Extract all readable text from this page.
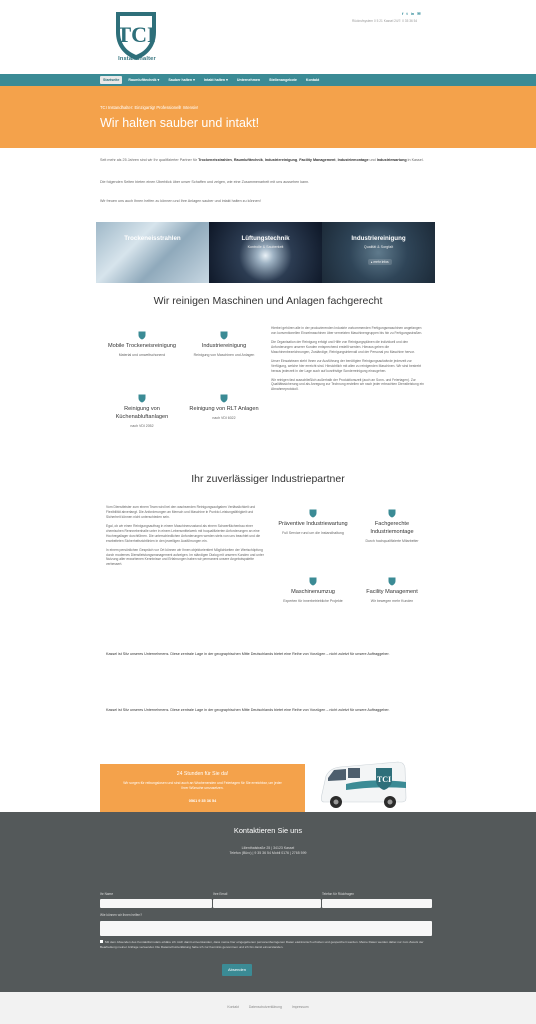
TCI
Instandhalter
f t in ✉
Rückrufsystem 0 5 21 Kassel 24/7: 0 35 36 54
Startseite	Raumlufttechnik ▾	Sauber halten ▾	Intakt halten ▾	Unternehmen	Stellenangebote	Kontakt
TCI Instandhalter: Einzigartig! Professionell! Intensiv!
Wir halten sauber und intakt!
Seit mehr als 25 Jahren sind wir Ihr qualifizierter Partner für Trockeneisstrahlen, Raumlufttechnik, Industriereinigung, Facility Management, Industriemontage und Industriewartung in Kassel.
Die folgenden Seiten bieten einen Überblick über unser Schaffen und zeigen, wie eine Zusammenarbeit mit uns aussehen kann.
Wir freuen uns auch Ihnen helfen zu können und Ihre Anlagen sauber und intakt halten zu können!
Trockeneisstrahlen	Lüftungstechnik
Kontrolle & Sauberkeit
Industriereinigung
Qualität & Sorgfalt
▸ mehr Infos
Wir reinigen Maschinen und Anlagen fachgerecht
Mobile Trockeneisreinigung
Material und umweltschonend
Industriereinigung
Reinigung von Maschinen und Anlagen
Reinigung von Küchenabluftanlagen
nach VDI 2052
Reinigung von RLT Anlagen
nach VDI 6022

Hierbei gehören alle in der produzierenden Industrie vorkommenden Fertigungsmaschinen angefangen von konventionellen Einzelmaschinen über vernetzten Maschinengruppen bis hin zu Fertigungsstraßen.

Die Organisation der Reinigung erfolgt und Hilfe von Reinigungsplänen die individuell und den Anforderungen unserer Kunden entsprechend erstellt werden. Hieraus gehen die Maschinenbezeichnungen, Zuständige, Reinigungsintervall und der Personal pro Maschine hervor.

Unser Einsatzteam steht Ihnen zur Ausführung der benötigten Reinigungsaufwände jederzeit zur Verfügung, welche hier erreicht sind. Hinsichtlich mit allen zu reinigenden Maschinen. Wir sind bestrebt heraus jederzeit in der Lage auch auf kurzfristige Sonderreinigung einzugehen.

Wir reinigen fast ausschließlich außerhalb der Produktionszeit (auch an Sonn- und Feiertagen). Zur Qualitätssicherung und als Anregung zur Technung erstellen wir nach jeder erbrachten Dienstleistung ein Abnahmeprotokoll.

Ihr zuverlässiger Industriepartner

Vom Dienstleister zum einem Team wird bei den wachsenden Reinigungsaufgaben Verlässlichkeit und Flexibilität abverlangt. Die Anforderungen an Mensch und Maschine in Punkto Leistungsfähigkeit und Sicherheit können nicht unterschieden sein.

Egal, ob wir einen Reinigungsauftrag in einem Maschinenzustand als einem Schwerflächenbau einer chemischen Rennnebenhalle unter in einem Lebensmittelwerk mit hoqualifizierten Anforderungen an eine Hochregallager durchführen. Die unterschiedlichen Anforderungen werden stets von uns beachtet und die erarbeiteten Sicherheitsrichtlinien in den jeweiligen Ausführungen ein.

In einem persönlichen Gespräch vor Ort können wir Ihnen objektorientiert Möglichkeiten der Wertschöpfung durch modernes Dienstleistungsmanagement aufzeigen. Im ständigen Dialog mit unseren Kunden und unter Nutzung aller erworbenen Kenntnisse und Erfahrungen haben wir permanent unsere Angebotspalette verbessert.

Präventive Industriewartung
Full Service rund um die Instandhaltung
Fachgerechte Industriemontage
Durch hochqualifizierte Mitarbeiter
Maschinenumzug
Experten für innerbetriebliche Projekte
Facility Management
Wir bewegen mehr Kunden
Kassel ist Sitz unseres Unternehmens. Diese zentrale Lage in der geographischen Mitte Deutschlands bietet eine Reihe von Vorzügen – nicht zuletzt für unsere Auftraggeber.
Kassel ist Sitz unseres Unternehmens. Diese zentrale Lage in der geographischen Mitte Deutschlands bietet eine Reihe von Vorzügen – nicht zuletzt für unsere Auftraggeber.
24 Stunden für Sie da!
Wir sorgen für reibungslosen und sind auch an Wochenenden und Feiertagen für Sie erreichbar, um jeder Ihrer Wünsche umzusetzen.
0561 9 35 36 54
TCI
Kontaktieren Sie uns
Lilienthalstraße 25 | 34123 Kassel
Telefon (Büro) | 9 35 36 54 Mobil 0176 | 2765 599
Ihr Name	Ihre Email	Telefon für Rückfragen
Wie können wir Ihnen helfen?
Mit dem Absenden des Kontaktformulars erkläre ich mich damit einverstanden, dass meine hier eingegebenen personenbezogenen Daten elektronisch erhoben und gespeichert werden. Meine Daten werden dabei nur zum Zweck der Bearbeitung meiner Anfrage verwendet. Die Datenschutzerklärung habe ich zur Kenntnis genommen und ich bin damit einverstanden.
Absenden
Kontakt	Datenschutzerklärung	Impressum
